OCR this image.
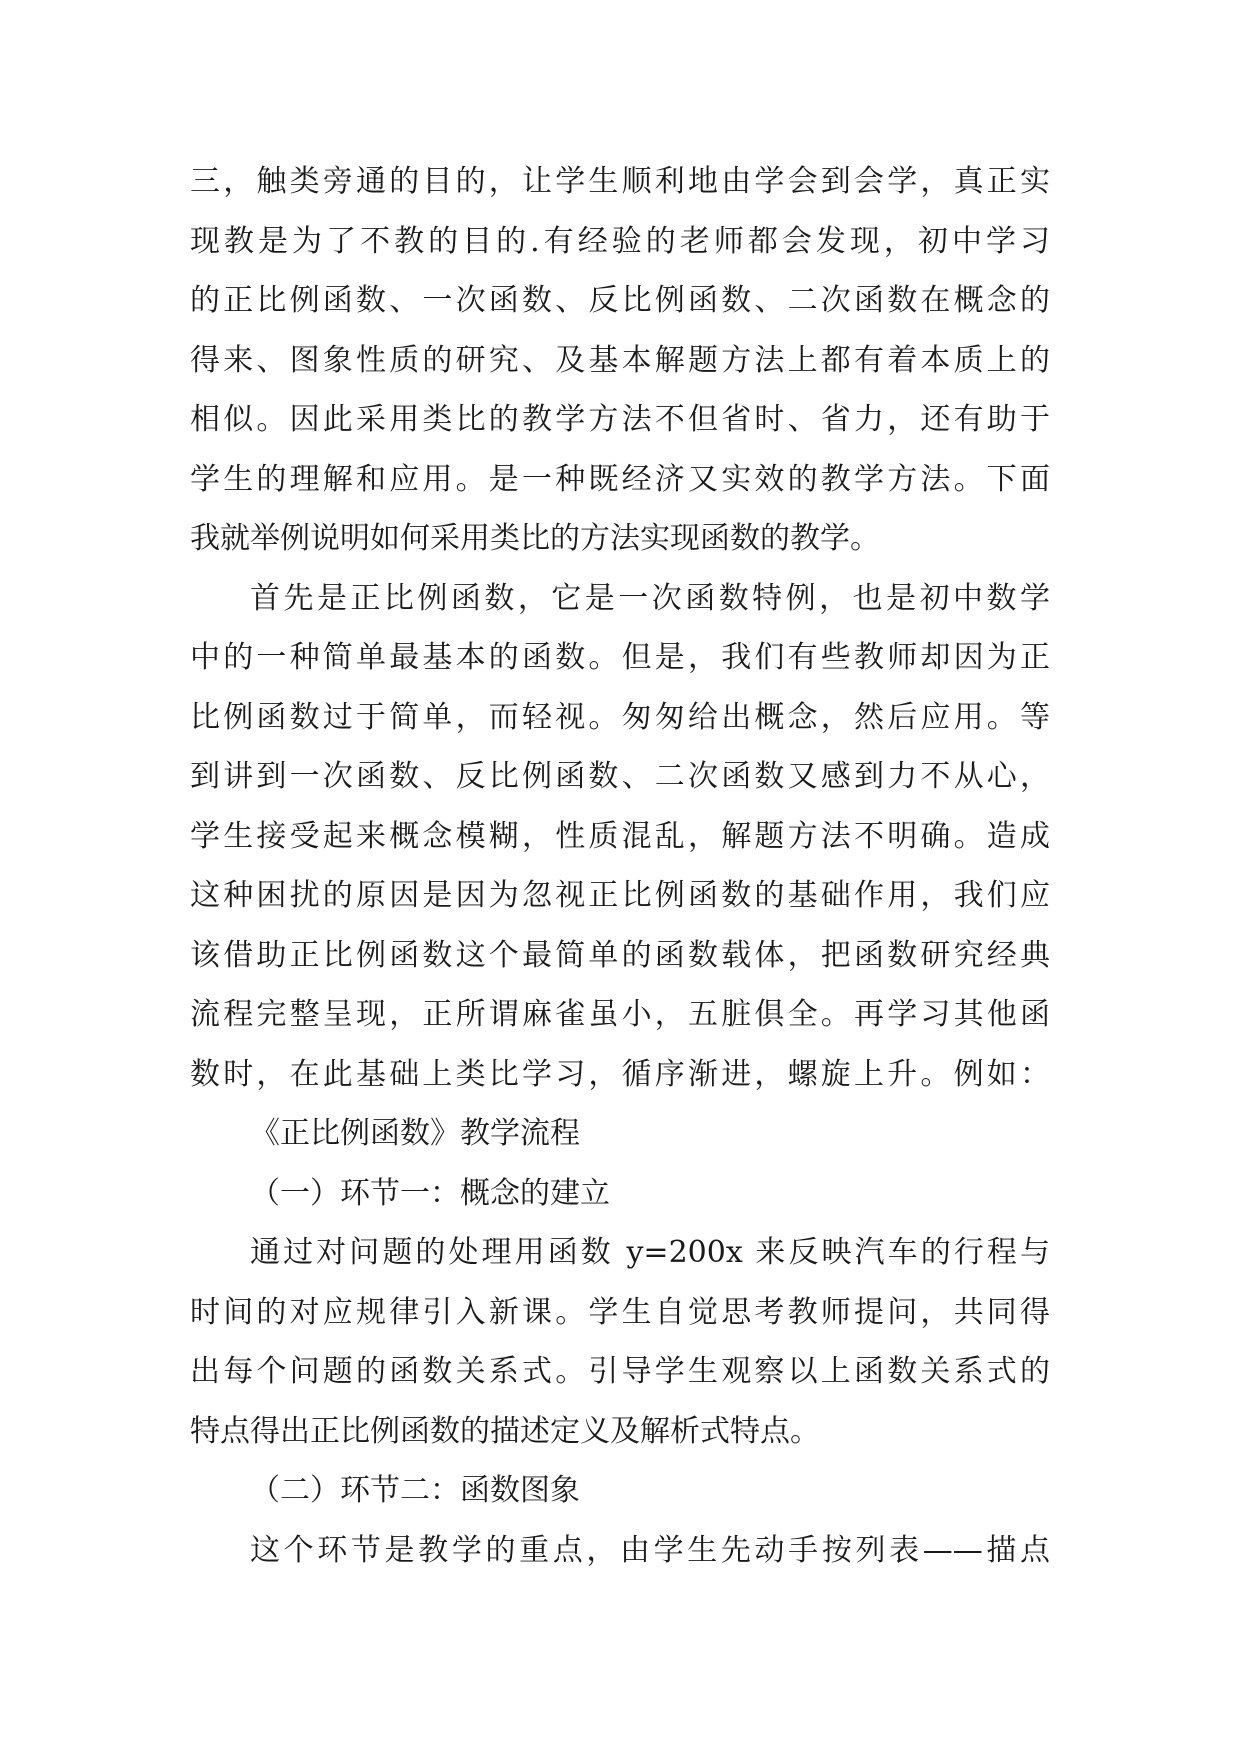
三，触类旁通的目的，让学生顺利地由学会到会学，真正实
现教是为了不教的目的.有经验的老师都会发现，初中学习
的正比例函数、一次函数、反比例函数、二次函数在概念的
得来、图象性质的研究、及基本解题方法上都有着本质上的
相似。因此采用类比的教学方法不但省时、省力，还有助于
学生的理解和应用。是一种既经济又实效的教学方法。下面
我就举例说明如何采用类比的方法实现函数的教学。
首先是正比例函数，它是一次函数特例，也是初中数学
中的一种简单最基本的函数。但是，我们有些教师却因为正
比例函数过于简单，而轻视。匆匆给出概念，然后应用。等
到讲到一次函数、反比例函数、二次函数又感到力不从心，
学生接受起来概念模糊，性质混乱，解题方法不明确。造成
这种困扰的原因是因为忽视正比例函数的基础作用，我们应
该借助正比例函数这个最简单的函数载体，把函数研究经典
流程完整呈现，正所谓麻雀虽小，五脏俱全。再学习其他函
数时，在此基础上类比学习，循序渐进，螺旋上升。例如：
《正比例函数》教学流程
（一）环节一：概念的建立
通过对问题的处理用函数 y=200x 来反映汽车的行程与
时间的对应规律引入新课。学生自觉思考教师提问，共同得
出每个问题的函数关系式。引导学生观察以上函数关系式的
特点得出正比例函数的描述定义及解析式特点。
（二）环节二：函数图象
这个环节是教学的重点，由学生先动手按列表——描点
